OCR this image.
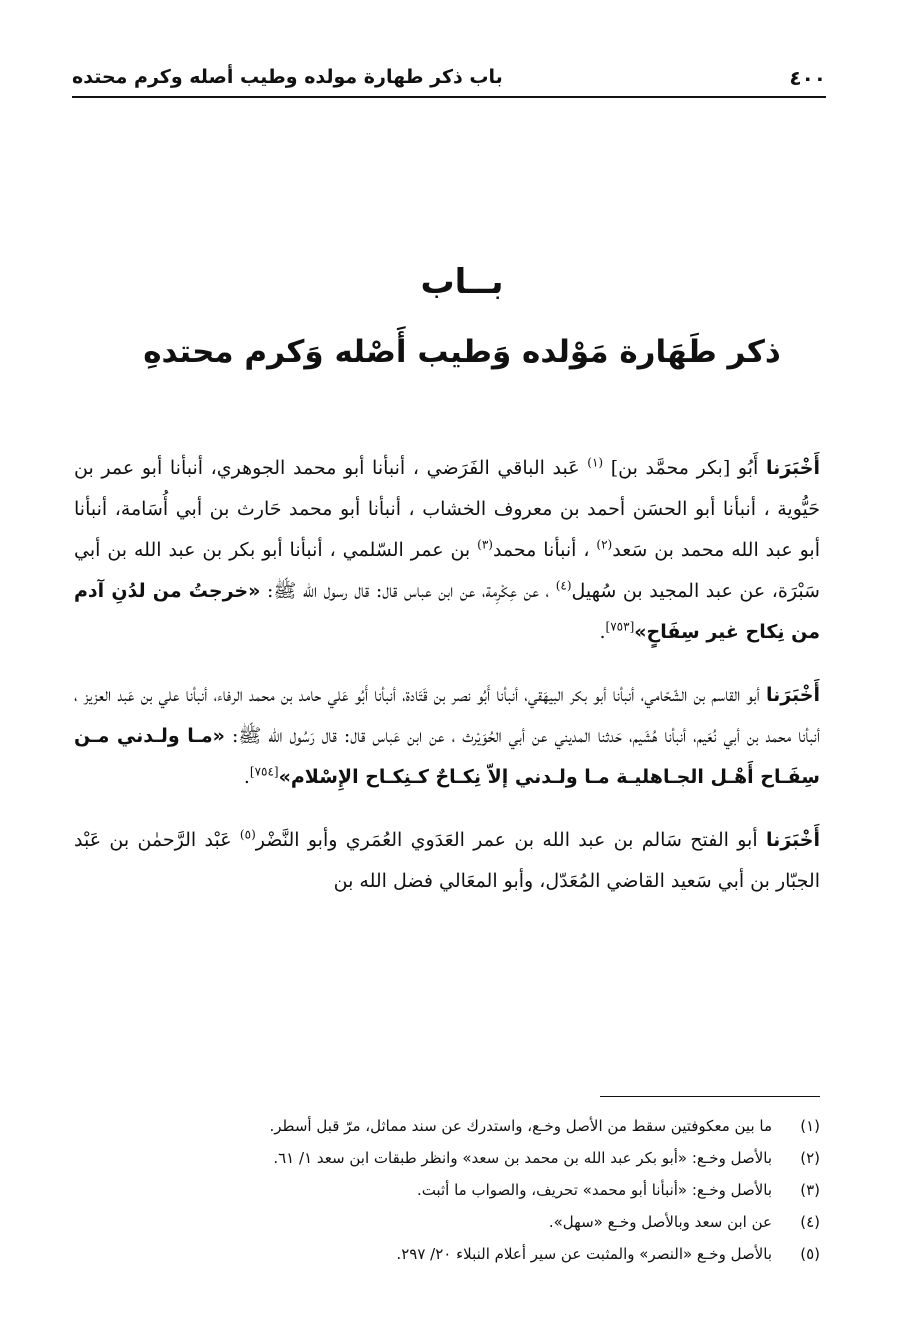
٤٠٠
باب ذكر طهارة مولده وطيب أصله وكرم محتده
بــاب
ذكر طَهَارة مَوْلده وَطيب أَصْله وَكرم محتدهِ

أَخْبَرَنا أَبُو [بكر محمَّد بن] $^{(١)}$ عَبد الباقي الفَرَضي ، أنبأنا أبو محمد الجوهري، أنبأنا أبو عمر بن حَيُّوية ، أنبأنا أبو الحسَن أحمد بن معروف الخشاب ، أنبأنا أبو محمد حَارث بن أبي أُسَامة، أنبأنا أبو عبد الله محمد بن سَعد$^{(٢)}$ ، أنبأنا محمد$^{(٣)}$ بن عمر السّلمي ، أنبأنا أبو بكر بن عبد الله بن أبي سَبْرَة، عن عبد المجيد بن سُهيل$^{(٤)}$ ، عن عِكْرِمة، عن ابن عباس قال: قال رسول الله ﷺ: «خرجتُ من لدُنِ آدم من نِكاح غير سِفَاحٍ»[٧٥٣].

أَخْبَرَنا أبو القاسم بن الشّحّامي، أنبأنا أبو بكر البيهَقي، أنبأنا أَبُو نصر بن قَتَادة، أنبأنا أَبُو عَلي حامد بن محمد الرفاء، أنبأنا علي بن عَبد العزيز ، أنبأنا محمد بن أبي نُعَيم، أنبأنا هُشَيم، حَدثنا المديني عن أبي الحُوَيْرث ، عن ابن عَباس قال: قال رَسُول الله ﷺ: «مـا ولـدني مـن سِفَـاح أَهْـل الجـاهليـة مـا ولـدني إلاّ نِكـاحٌ كـنِكـاح الإِسْلام»[٧٥٤].

أَخْبَرَنا أبو الفتح سَالم بن عبد الله بن عمر العَدَوي العُمَري وأبو النَّضْر$^{(٥)}$ عَبْد الرَّحمٰن بن عَبْد الجبّار بن أبي سَعيد القاضي المُعَدّل، وأبو المعَالي فضل الله بن

(١)
ما بين معكوفتين سقط من الأصل وخـع، واستدرك عن سند مماثل، مرّ قبل أسطر.
(٢)
بالأصل وخـع: «أبو بكر عبد الله بن محمد بن سعد» وانظر طبقات ابن سعد ١/ ٦١.
(٣)
بالأصل وخـع: «أنبأنا أبو محمد» تحريف، والصواب ما أثبت.
(٤)
عن ابن سعد وبالأصل وخـع «سهل».
(٥)
بالأصل وخـع «النصر» والمثبت عن سير أعلام النبلاء ٢٠/ ٢٩٧.
